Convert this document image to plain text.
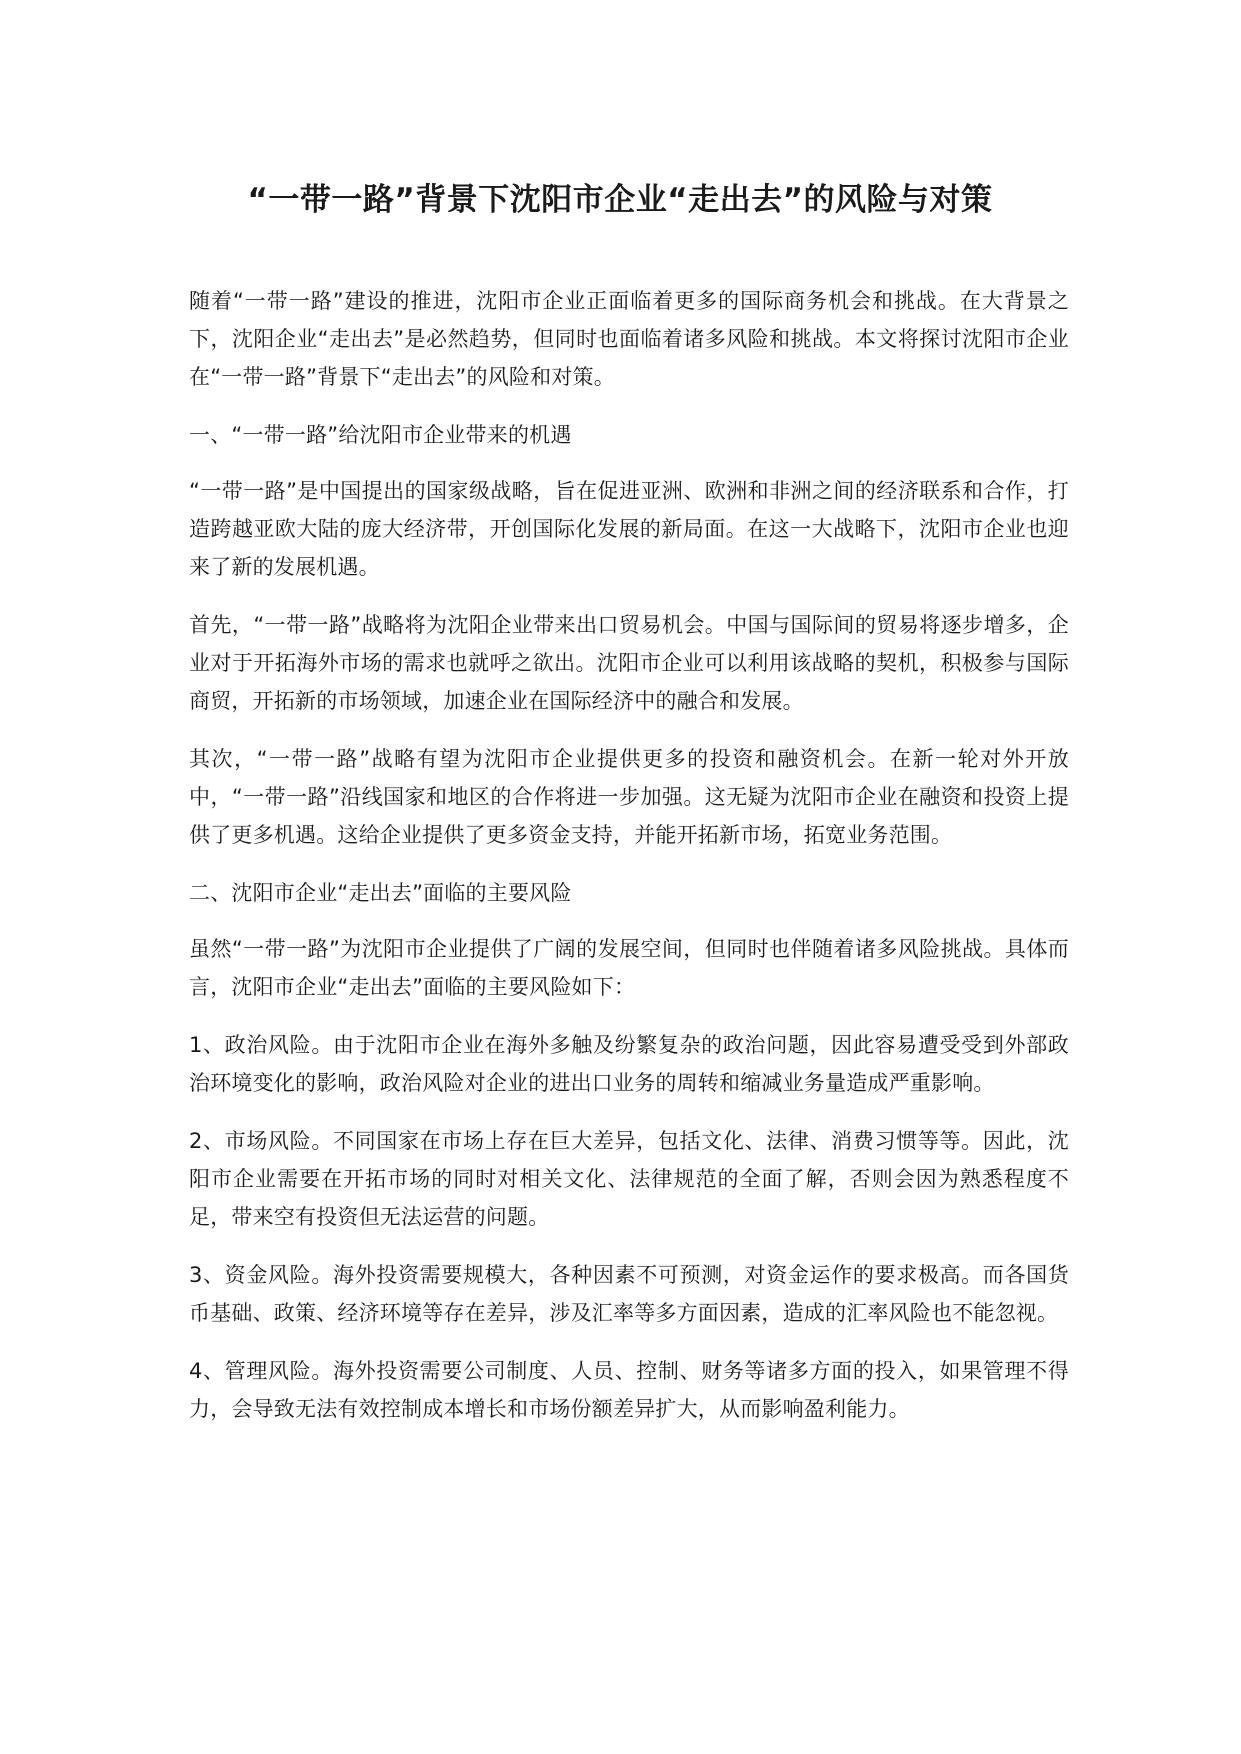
“一带一路”背景下沈阳市企业“走出去”的风险与对策

随着“一带一路”建设的推进，沈阳市企业正面临着更多的国际商务机会和挑战。在大背景之下，沈阳企业“走出去”是必然趋势，但同时也面临着诸多风险和挑战。本文将探讨沈阳市企业在“一带一路”背景下“走出去”的风险和对策。

一、“一带一路”给沈阳市企业带来的机遇

“一带一路”是中国提出的国家级战略，旨在促进亚洲、欧洲和非洲之间的经济联系和合作，打造跨越亚欧大陆的庞大经济带，开创国际化发展的新局面。在这一大战略下，沈阳市企业也迎来了新的发展机遇。

首先，“一带一路”战略将为沈阳企业带来出口贸易机会。中国与国际间的贸易将逐步增多，企业对于开拓海外市场的需求也就呼之欲出。沈阳市企业可以利用该战略的契机，积极参与国际商贸，开拓新的市场领域，加速企业在国际经济中的融合和发展。

其次，“一带一路”战略有望为沈阳市企业提供更多的投资和融资机会。在新一轮对外开放中，“一带一路”沿线国家和地区的合作将进一步加强。这无疑为沈阳市企业在融资和投资上提供了更多机遇。这给企业提供了更多资金支持，并能开拓新市场，拓宽业务范围。

二、沈阳市企业“走出去”面临的主要风险

虽然“一带一路”为沈阳市企业提供了广阔的发展空间，但同时也伴随着诸多风险挑战。具体而言，沈阳市企业“走出去”面临的主要风险如下：

1、政治风险。由于沈阳市企业在海外多触及纷繁复杂的政治问题，因此容易遭受受到外部政治环境变化的影响，政治风险对企业的进出口业务的周转和缩减业务量造成严重影响。

2、市场风险。不同国家在市场上存在巨大差异，包括文化、法律、消费习惯等等。因此，沈阳市企业需要在开拓市场的同时对相关文化、法律规范的全面了解，否则会因为熟悉程度不足，带来空有投资但无法运营的问题。

3、资金风险。海外投资需要规模大，各种因素不可预测，对资金运作的要求极高。而各国货币基础、政策、经济环境等存在差异，涉及汇率等多方面因素，造成的汇率风险也不能忽视。

4、管理风险。海外投资需要公司制度、人员、控制、财务等诸多方面的投入，如果管理不得力，会导致无法有效控制成本增长和市场份额差异扩大，从而影响盈利能力。
